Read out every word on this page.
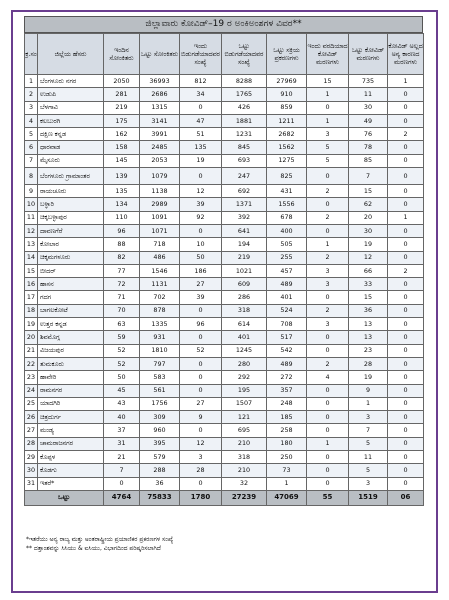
ಜಿಲ್ಲಾವಾರು ಕೋವಿಡ್–19 ರ ಅಂಕಿಅಂಶಗಳ ವಿವರ**
ಕ್ರ.ಸಂ	ಜಿಲ್ಲೆಯ ಹೆಸರು	ಇಂದಿನ ಸೋಂಕಿತರು	ಒಟ್ಟು ಸೋಂಕಿತರು	ಇಂದು ಬಿಡುಗಡೆಯಾದವರ ಸಂಖ್ಯೆ	ಒಟ್ಟು ಬಿಡುಗಡೆಯಾದವರ ಸಂಖ್ಯೆ	ಒಟ್ಟು ಸಕ್ರಿಯ ಪ್ರಕರಣಗಳು	ಇಂದು ವರದಿಯಾದ ಕೋವಿಡ್ ಮರಣಗಳು	ಒಟ್ಟು ಕೋವಿಡ್ ಮರಣಗಳು	ಕೋವಿಡ್ ಅಲ್ಲದ ಅನ್ಯ ಕಾರಣದ ಮರಣಗಳು
1	ಬೆಂಗಳೂರು ನಗರ	2050	36993	812	8288	27969	15	735	1
2	ಉಡುಪಿ	281	2686	34	1765	910	1	11	0
3	ಬೆಳಗಾವಿ	219	1315	0	426	859	0	30	0
4	ಕಲಬುರಗಿ	175	3141	47	1881	1211	1	49	0
5	ದಕ್ಷಿಣ ಕನ್ನಡ	162	3991	51	1231	2682	3	76	2
6	ಧಾರವಾಡ	158	2485	135	845	1562	5	78	0
7	ಮೈಸೂರು	145	2053	19	693	1275	5	85	0
8	ಬೆಂಗಳೂರು ಗ್ರಾಮಾಂತರ	139	1079	0	247	825	0	7	0
9	ರಾಯಚೂರು	135	1138	12	692	431	2	15	0
10	ಬಳ್ಳಾರಿ	134	2989	39	1371	1556	0	62	0
11	ಚಿಕ್ಕಬಳ್ಳಾಪುರ	110	1091	92	392	678	2	20	1
12	ದಾವಣಗೆರೆ	96	1071	0	641	400	0	30	0
13	ಕೋಲಾರ	88	718	10	194	505	1	19	0
14	ಚಿಕ್ಕಮಗಳೂರು	82	486	50	219	255	2	12	0
15	ಬೀದರ್	77	1546	186	1021	457	3	66	2
16	ಹಾಸನ	72	1131	27	609	489	3	33	0
17	ಗದಗ	71	702	39	286	401	0	15	0
18	ಬಾಗಲಕೋಟೆ	70	878	0	318	524	2	36	0
19	ಉತ್ತರ ಕನ್ನಡ	63	1335	96	614	708	3	13	0
20	ಶಿವಮೊಗ್ಗ	59	931	0	401	517	0	13	0
21	ವಿಜಯಪುರ	52	1810	52	1245	542	0	23	0
22	ತುಮಕೂರು	52	797	0	280	489	2	28	0
23	ಹಾವೇರಿ	50	583	0	292	272	4	19	0
24	ರಾಮನಗರ	45	561	0	195	357	0	9	0
25	ಯಾದಗಿರಿ	43	1756	27	1507	248	0	1	0
26	ಚಿತ್ರದುರ್ಗ	40	309	9	121	185	0	3	0
27	ಮಂಡ್ಯ	37	960	0	695	258	0	7	0
28	ಚಾಮರಾಜನಗರ	31	395	12	210	180	1	5	0
29	ಕೊಪ್ಪಳ	21	579	3	318	250	0	11	0
30	ಕೊಡಗು	7	288	28	210	73	0	5	0
31	ಇತರೆ*	0	36	0	32	1	0	3	0
ಒಟ್ಟು		4764	75833	1780	27239	47069	55	1519	06
*ಇತರೆಯು ಅನ್ಯ ರಾಜ್ಯ ಮತ್ತು ಅಂತರಾಷ್ಟ್ರೀಯ ಪ್ರಯಾಣಿಕರ ಪ್ರಕರಣಗಳ ಸಂಖ್ಯೆ
** ದತ್ತಾಂಶವನ್ನು ಸಿಸಿಯು & ಐಸಿಯು, ವಿಭಾಗದಿಂದ ಪರಿಷ್ಕರಿಸಲಾಗಿದೆ
